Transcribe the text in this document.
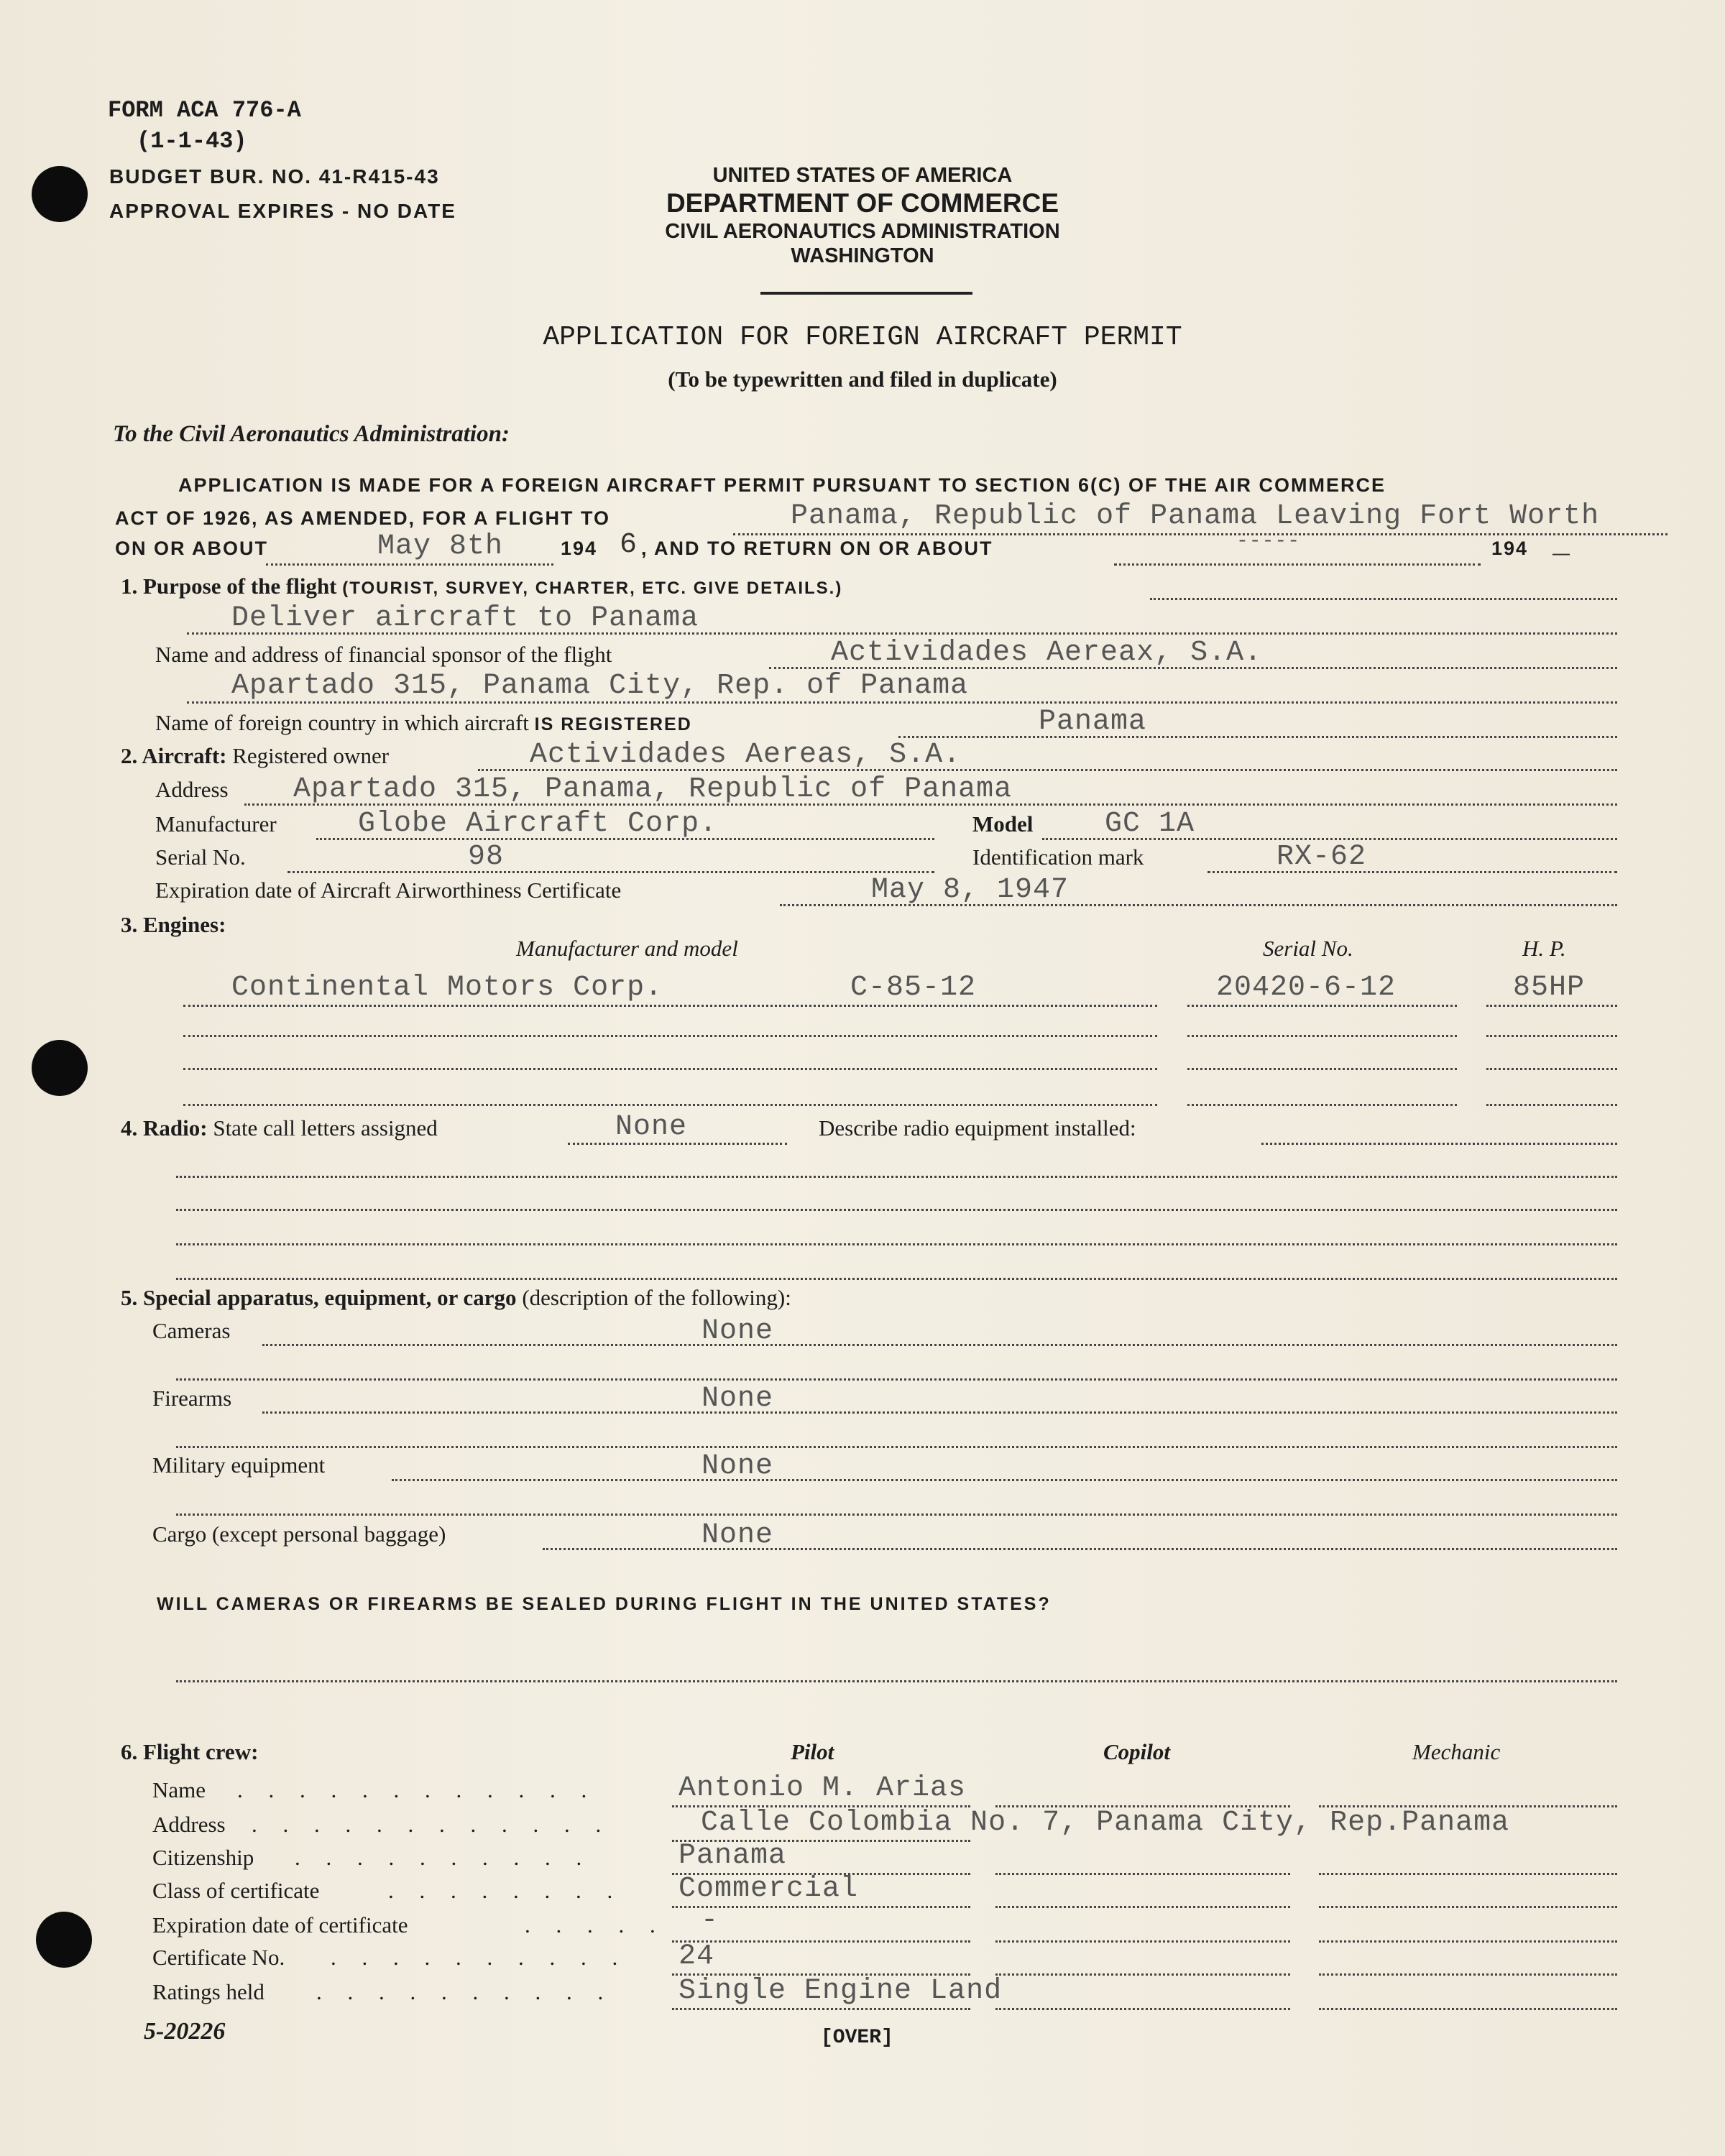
FORM ACA 776-A
(1-1-43)
BUDGET BUR. NO. 41-R415-43
APPROVAL EXPIRES - NO DATE
UNITED STATES OF AMERICA
DEPARTMENT OF COMMERCE
CIVIL AERONAUTICS ADMINISTRATION
WASHINGTON
APPLICATION FOR FOREIGN AIRCRAFT PERMIT
(To be typewritten and filed in duplicate)
To the Civil Aeronautics Administration:
APPLICATION IS MADE FOR A FOREIGN AIRCRAFT PERMIT PURSUANT TO SECTION 6(C) OF THE AIR COMMERCE
ACT OF 1926, AS AMENDED, FOR A FLIGHT TO	Panama, Republic of Panama Leaving Fort Worth
ON OR ABOUT	May 8th	194 6 , AND TO RETURN ON OR ABOUT	-----	194 _
1. Purpose of the flight (TOURIST, SURVEY, CHARTER, ETC. GIVE DETAILS.)
Deliver aircraft to Panama
Name and address of financial sponsor of the flight	Actividades Aereax, S.A.
Apartado 315, Panama City, Rep. of Panama
Name of foreign country in which aircraft IS REGISTERED	Panama
2. Aircraft: Registered owner	Actividades Aereas, S.A.
Address Apartado 315, Panama, Republic of Panama
Manufacturer	Globe Aircraft Corp.	Model GC 1A
Serial No.	98	Identification mark	RX-62
Expiration date of Aircraft Airworthiness Certificate	May 8, 1947
3. Engines:
Manufacturer and model	Serial No.	H. P.
Continental Motors Corp.	C-85-12	20420-6-12	85HP
4. Radio: State call letters assigned	None	Describe radio equipment installed:
5. Special apparatus, equipment, or cargo (description of the following):
Cameras	None
Firearms	None
Military equipment	None
Cargo (except personal baggage)	None
WILL CAMERAS OR FIREARMS BE SEALED DURING FLIGHT IN THE UNITED STATES?
6. Flight crew:	Pilot	Copilot	Mechanic
Name . . . . . . . . . . . .	Antonio M. Arias
Address . . . . . . . . . . . .	Calle Colombia No. 7, Panama City, Rep.Panama
Citizenship . . . . . . . . . .	Panama
Class of certificate	. . . . . . . . Commercial
Expiration date of certificate	. . . . . -
Certificate No. . . . . . . . . . . 24
Ratings held . . . . . . . . . . Single Engine Land
5-20226	[OVER]
